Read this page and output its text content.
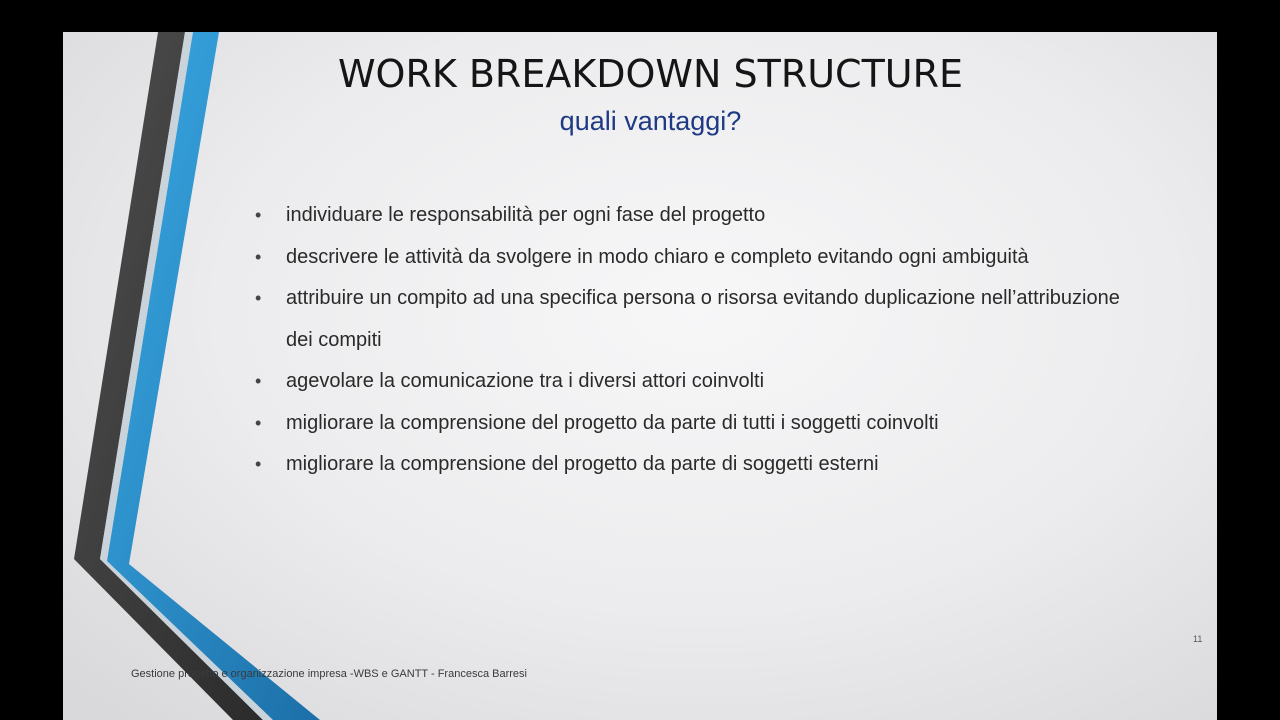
WORK BREAKDOWN STRUCTURE
quali vantaggi?
• individuare le responsabilità per ogni fase del progetto
• descrivere le attività da svolgere in modo chiaro e completo evitando ogni ambiguità
• attribuire un compito ad una specifica persona o risorsa evitando duplicazione nell’attribuzione dei compiti
• agevolare la comunicazione tra i diversi attori coinvolti
• migliorare la comprensione del progetto da parte di tutti i soggetti coinvolti
• migliorare la comprensione del progetto da parte di soggetti esterni
11
Gestione progetto e organizzazione impresa -WBS e GANTT - Francesca Barresi
